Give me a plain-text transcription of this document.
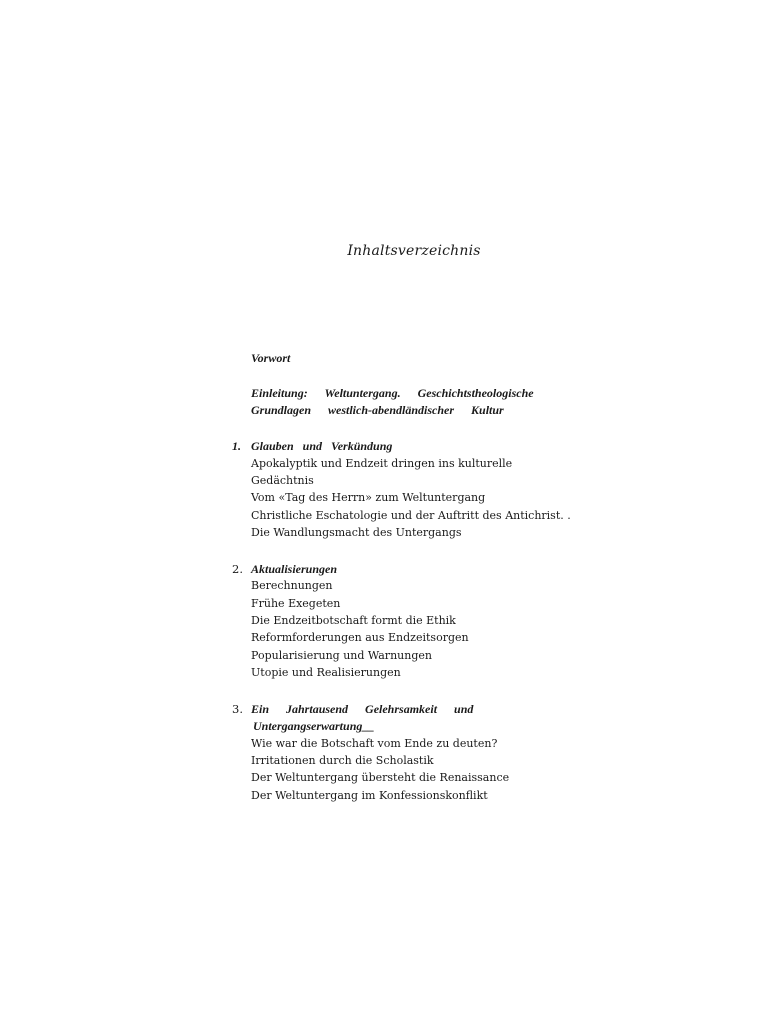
Inhaltsverzeichnis
Vorwort
Einleitung: Weltuntergang. Geschichtstheologische
Grundlagen westlich-abendländischer Kultur
1. Glauben und Verkündung
Apokalyptik und Endzeit dringen ins kulturelle
Gedächtnis
Vom «Tag des Herrn» zum Weltuntergang
Christliche Eschatologie und der Auftritt des Antichrist. .
Die Wandlungsmacht des Untergangs
2. Aktualisierungen
Berechnungen
Frühe Exegeten
Die Endzeitbotschaft formt die Ethik
Reformforderungen aus Endzeitsorgen
Popularisierung und Warnungen
Utopie und Realisierungen
3. Ein Jahrtausend Gelehrsamkeit und
Untergangserwartung__
Wie war die Botschaft vom Ende zu deuten?
Irritationen durch die Scholastik
Der Weltuntergang übersteht die Renaissance
Der Weltuntergang im Konfessionskonflikt
